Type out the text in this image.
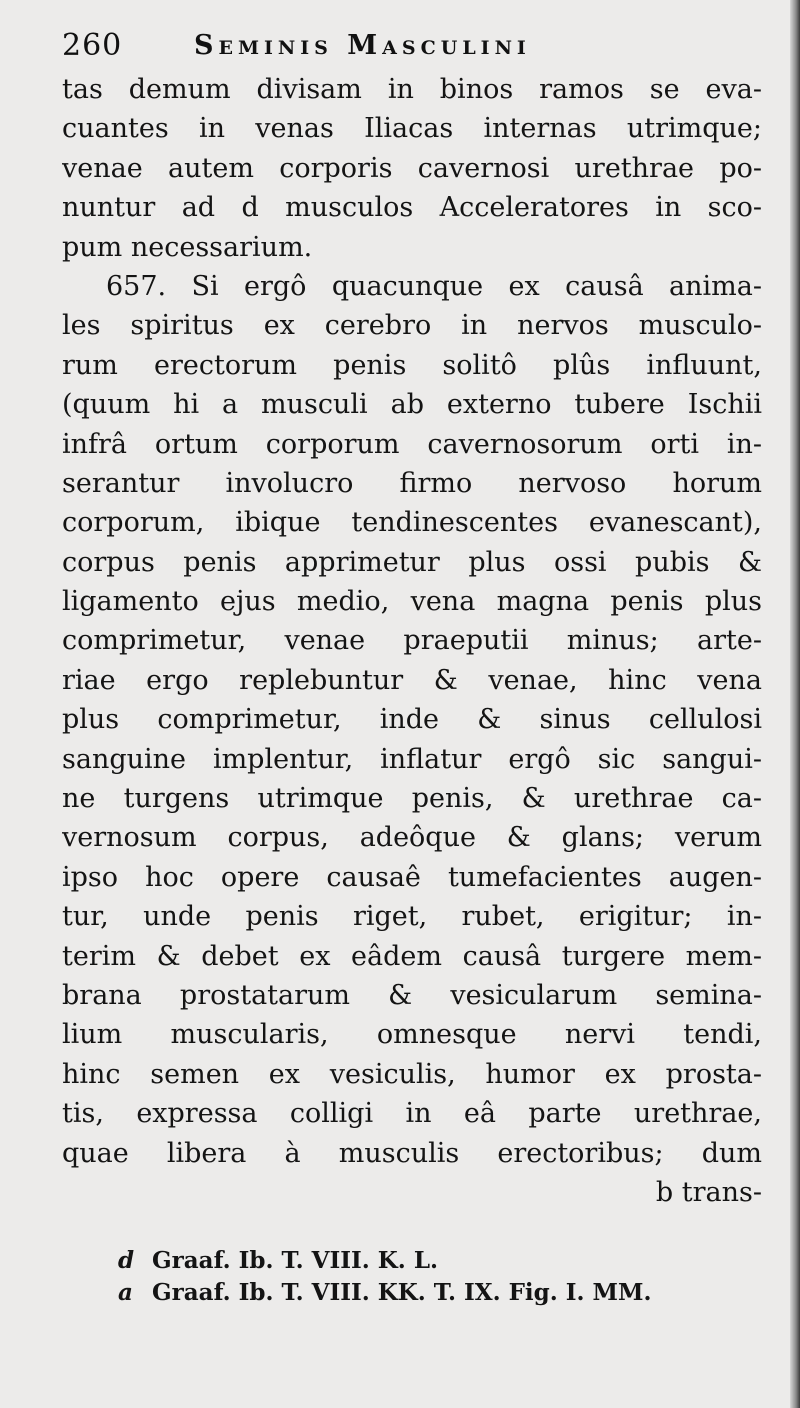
260	Seminis Masculini
tas demum divisam in binos ramos se eva-
cuantes in venas Iliacas internas utrimque;
venae autem corporis cavernosi urethrae po-
nuntur ad d musculos Acceleratores in sco-
pum necessarium.
657. Si ergô quacunque ex causâ anima-
les spiritus ex cerebro in nervos musculo-
rum erectorum penis solitô plûs influunt,
(quum hi a musculi ab externo tubere Ischii
infrâ ortum corporum cavernosorum orti in-
serantur involucro firmo nervoso horum
corporum, ibique tendinescentes evanescant),
corpus penis apprimetur plus ossi pubis &
ligamento ejus medio, vena magna penis plus
comprimetur, venae praeputii minus; arte-
riae ergo replebuntur & venae, hinc vena
plus comprimetur, inde & sinus cellulosi
sanguine implentur, inflatur ergô sic sangui-
ne turgens utrimque penis, & urethrae ca-
vernosum corpus, adeôque & glans; verum
ipso hoc opere causaê tumefacientes augen-
tur, unde penis riget, rubet, erigitur; in-
terim & debet ex eâdem causâ turgere mem-
brana prostatarum & vesicularum semina-
lium muscularis, omnesque nervi tendi,
hinc semen ex vesiculis, humor ex prosta-
tis, expressa colligi in eâ parte urethrae,
quae libera à musculis erectoribus; dum
b trans-
d Graaf. Ib. T. VIII. K. L.
a Graaf. Ib. T. VIII. KK. T. IX. Fig. I. MM.
